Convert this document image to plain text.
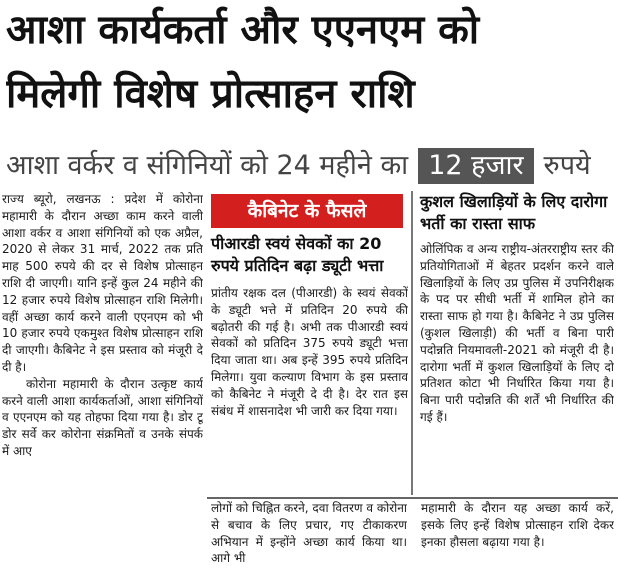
आशा कार्यकर्ता और एएनएम को
मिलेगी विशेष प्रोत्साहन राशि
आशा वर्कर व संगिनियों को 24 महीने का 12 हजार रुपये

राज्य ब्यूरो, लखनऊ : प्रदेश में कोरोना महामारी के दौरान अच्छा काम करने वाली आशा वर्कर व आशा संगिनियों को एक अप्रैल, 2020 से लेकर 31 मार्च, 2022 तक प्रति माह 500 रुपये की दर से विशेष प्रोत्साहन राशि दी जाएगी। यानि इन्हें कुल 24 महीने की 12 हजार रुपये विशेष प्रोत्साहन राशि मिलेगी। वहीं अच्छा कार्य करने वाली एएनएम को भी 10 हजार रुपये एकमुश्त विशेष प्रोत्साहन राशि दी जाएगी। कैबिनेट ने इस प्रस्ताव को मंजूरी दे दी है।

कोरोना महामारी के दौरान उत्कृष्ट कार्य करने वाली आशा कार्यकर्ताओं, आशा संगिनियों व एएनएम को यह तोहफा दिया गया है। डोर टू डोर सर्वे कर कोरोना संक्रमितों व उनके संपर्क में आए

कैबिनेट के फैसले
पीआरडी स्वयं सेवकों का 20 रुपये प्रतिदिन बढ़ा ड्यूटी भत्ता

प्रांतीय रक्षक दल (पीआरडी) के स्वयं सेवकों के ड्यूटी भत्ते में प्रतिदिन 20 रुपये की बढ़ोतरी की गई है। अभी तक पीआरडी स्वयं सेवकों को प्रतिदिन 375 रुपये ड्यूटी भत्ता दिया जाता था। अब इन्हें 395 रुपये प्रतिदिन मिलेगा। युवा कल्याण विभाग के इस प्रस्ताव को कैबिनेट ने मंजूरी दे दी है। देर रात इस संबंध में शासनादेश भी जारी कर दिया गया।

कुशल खिलाड़ियों के लिए दारोगा भर्ती का रास्ता साफ

ओलिंपिक व अन्य राष्ट्रीय-अंतरराष्ट्रीय स्तर की प्रतियोगिताओं में बेहतर प्रदर्शन करने वाले खिलाड़ियों के लिए उप्र पुलिस में उपनिरीक्षक के पद पर सीधी भर्ती में शामिल होने का रास्ता साफ हो गया है। कैबिनेट ने उप्र पुलिस (कुशल खिलाड़ी) की भर्ती व बिना पारी पदोन्नति नियमावली-2021 को मंजूरी दी है। दारोगा भर्ती में कुशल खिलाड़ियों के लिए दो प्रतिशत कोटा भी निर्धारित किया गया है। बिना पारी पदोन्नति की शर्तें भी निर्धारित की गई हैं।

लोगों को चिह्नित करने, दवा वितरण व कोरोना से बचाव के लिए प्रचार, गए टीकाकरण अभियान में इन्होंने अच्छा कार्य किया था। आगे भी

महामारी के दौरान यह अच्छा कार्य करें, इसके लिए इन्हें विशेष प्रोत्साहन राशि देकर इनका हौसला बढ़ाया गया है।
